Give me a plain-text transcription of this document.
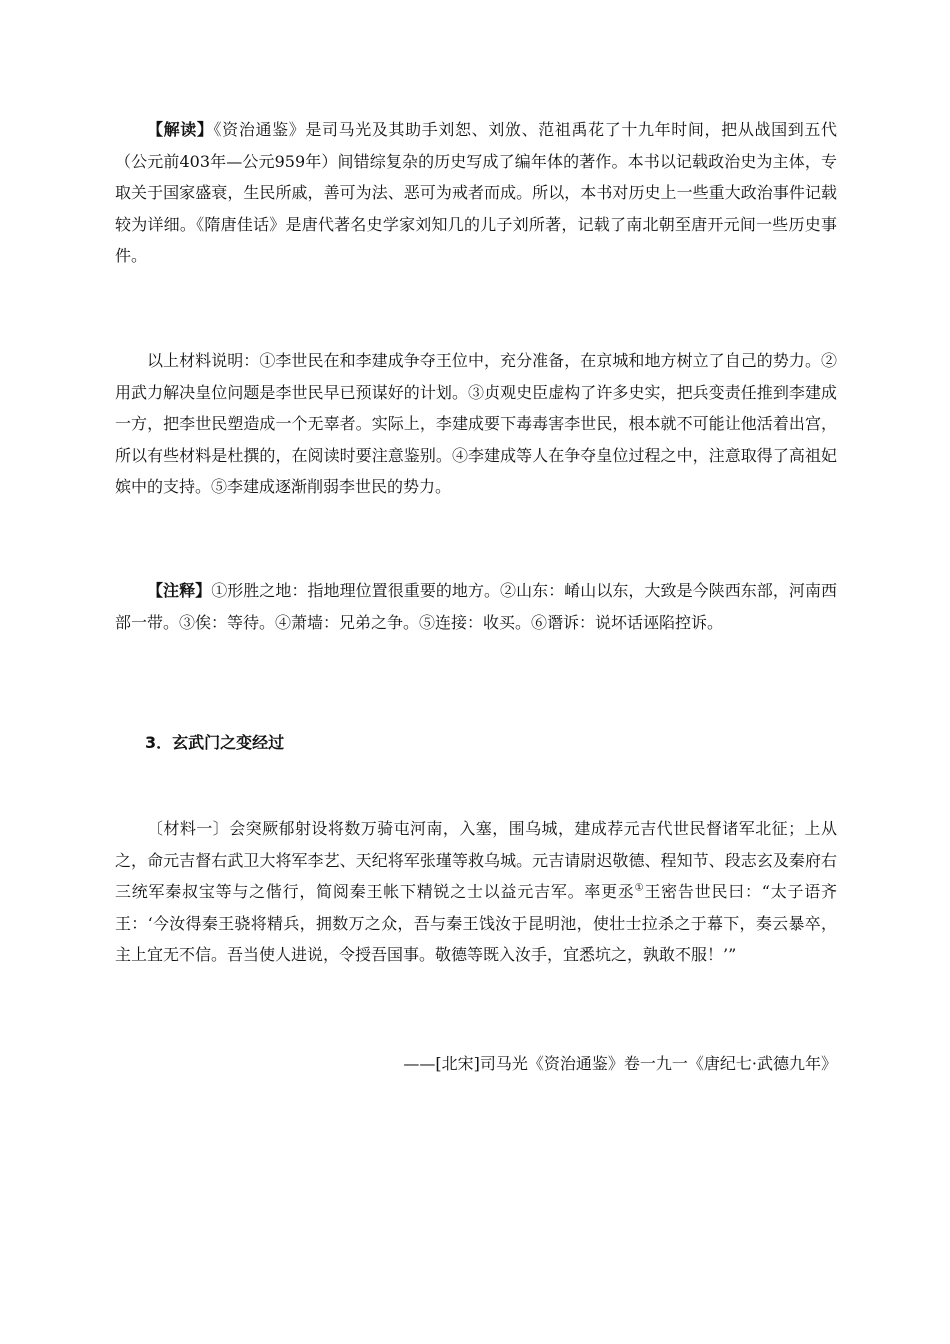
【解读】《资治通鉴》是司马光及其助手刘恕、刘攽、范祖禹花了十九年时间，把从战国到五代（公元前403年—公元959年）间错综复杂的历史写成了编年体的著作。本书以记载政治史为主体，专取关于国家盛衰，生民所戚，善可为法、恶可为戒者而成。所以，本书对历史上一些重大政治事件记载较为详细。《隋唐佳话》是唐代著名史学家刘知几的儿子刘所著，记载了南北朝至唐开元间一些历史事件。

以上材料说明：①李世民在和李建成争夺王位中，充分准备，在京城和地方树立了自己的势力。②用武力解决皇位问题是李世民早已预谋好的计划。③贞观史臣虚构了许多史实，把兵变责任推到李建成一方，把李世民塑造成一个无辜者。实际上，李建成要下毒毒害李世民，根本就不可能让他活着出宫，所以有些材料是杜撰的，在阅读时要注意鉴别。④李建成等人在争夺皇位过程之中，注意取得了高祖妃嫔中的支持。⑤李建成逐渐削弱李世民的势力。

【注释】①形胜之地：指地理位置很重要的地方。②山东：崤山以东，大致是今陕西东部，河南西部一带。③俟：等待。④萧墙：兄弟之争。⑤连接：收买。⑥谮诉：说坏话诬陷控诉。

3．玄武门之变经过

〔材料一〕会突厥郁射设将数万骑屯河南，入塞，围乌城，建成荐元吉代世民督诸军北征；上从之，命元吉督右武卫大将军李艺、天纪将军张瑾等救乌城。元吉请尉迟敬德、程知节、段志玄及秦府右三统军秦叔宝等与之偕行，简阅秦王帐下精锐之士以益元吉军。率更丞①王密告世民曰：“太子语齐王：‘今汝得秦王骁将精兵，拥数万之众，吾与秦王饯汝于昆明池，使壮士拉杀之于幕下，奏云暴卒，主上宜无不信。吾当使人进说，令授吾国事。敬德等既入汝手，宜悉坑之，孰敢不服！’”

——[北宋]司马光《资治通鉴》卷一九一《唐纪七·武德九年》
